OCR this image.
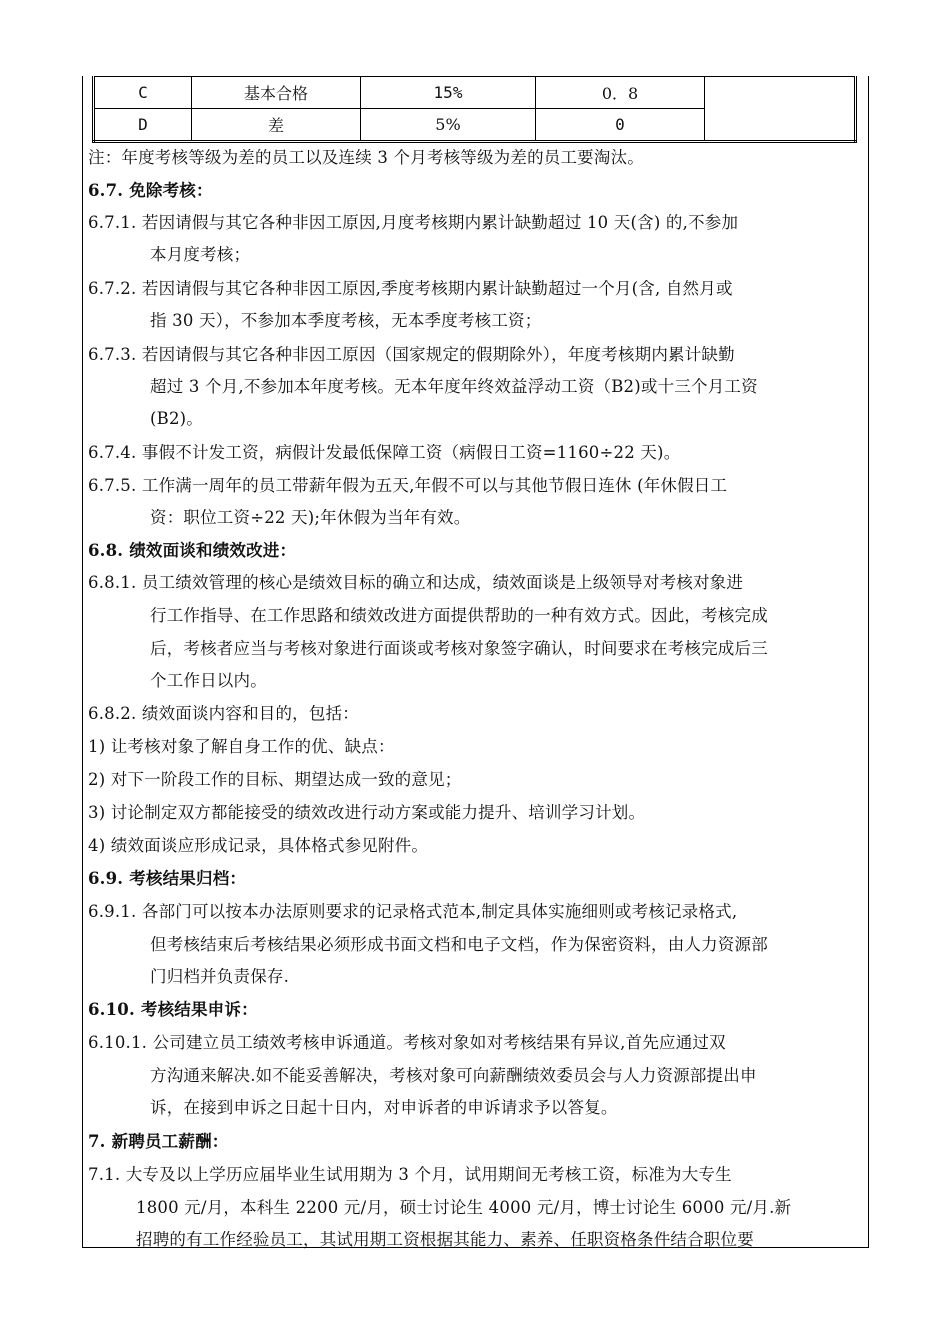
C	基本合格	15%	0．8	
D	差	5%	0	
注：年度考核等级为差的员工以及连续 3 个月考核等级为差的员工要淘汰。
6.7. 免除考核：
6.7.1. 若因请假与其它各种非因工原因,月度考核期内累计缺勤超过 10 天(含) 的,不参加
本月度考核；
6.7.2. 若因请假与其它各种非因工原因,季度考核期内累计缺勤超过一个月(含, 自然月或
指 30 天），不参加本季度考核，无本季度考核工资；
6.7.3. 若因请假与其它各种非因工原因（国家规定的假期除外），年度考核期内累计缺勤
超过 3 个月,不参加本年度考核。无本年度年终效益浮动工资（B2)或十三个月工资
(B2)。
6.7.4. 事假不计发工资，病假计发最低保障工资（病假日工资=1160÷22 天)。
6.7.5. 工作满一周年的员工带薪年假为五天,年假不可以与其他节假日连休 (年休假日工
资：职位工资÷22 天);年休假为当年有效。
6.8. 绩效面谈和绩效改进：
6.8.1. 员工绩效管理的核心是绩效目标的确立和达成，绩效面谈是上级领导对考核对象进
行工作指导、在工作思路和绩效改进方面提供帮助的一种有效方式。因此，考核完成
后，考核者应当与考核对象进行面谈或考核对象签字确认，时间要求在考核完成后三
个工作日以内。
6.8.2. 绩效面谈内容和目的，包括：
1) 让考核对象了解自身工作的优、缺点：
2) 对下一阶段工作的目标、期望达成一致的意见；
3) 讨论制定双方都能接受的绩效改进行动方案或能力提升、培训学习计划。
4) 绩效面谈应形成记录，具体格式参见附件。
6.9. 考核结果归档：
6.9.1. 各部门可以按本办法原则要求的记录格式范本,制定具体实施细则或考核记录格式,
但考核结束后考核结果必须形成书面文档和电子文档，作为保密资料，由人力资源部
门归档并负责保存.
6.10. 考核结果申诉：
6.10.1. 公司建立员工绩效考核申诉通道。考核对象如对考核结果有异议,首先应通过双
方沟通来解决.如不能妥善解决，考核对象可向薪酬绩效委员会与人力资源部提出申
诉，在接到申诉之日起十日内，对申诉者的申诉请求予以答复。
7. 新聘员工薪酬：
7.1. 大专及以上学历应届毕业生试用期为 3 个月，试用期间无考核工资，标准为大专生
1800 元/月，本科生 2200 元/月，硕士讨论生 4000 元/月，博士讨论生 6000 元/月.新
招聘的有工作经验员工，其试用期工资根据其能力、素养、任职资格条件结合职位要
